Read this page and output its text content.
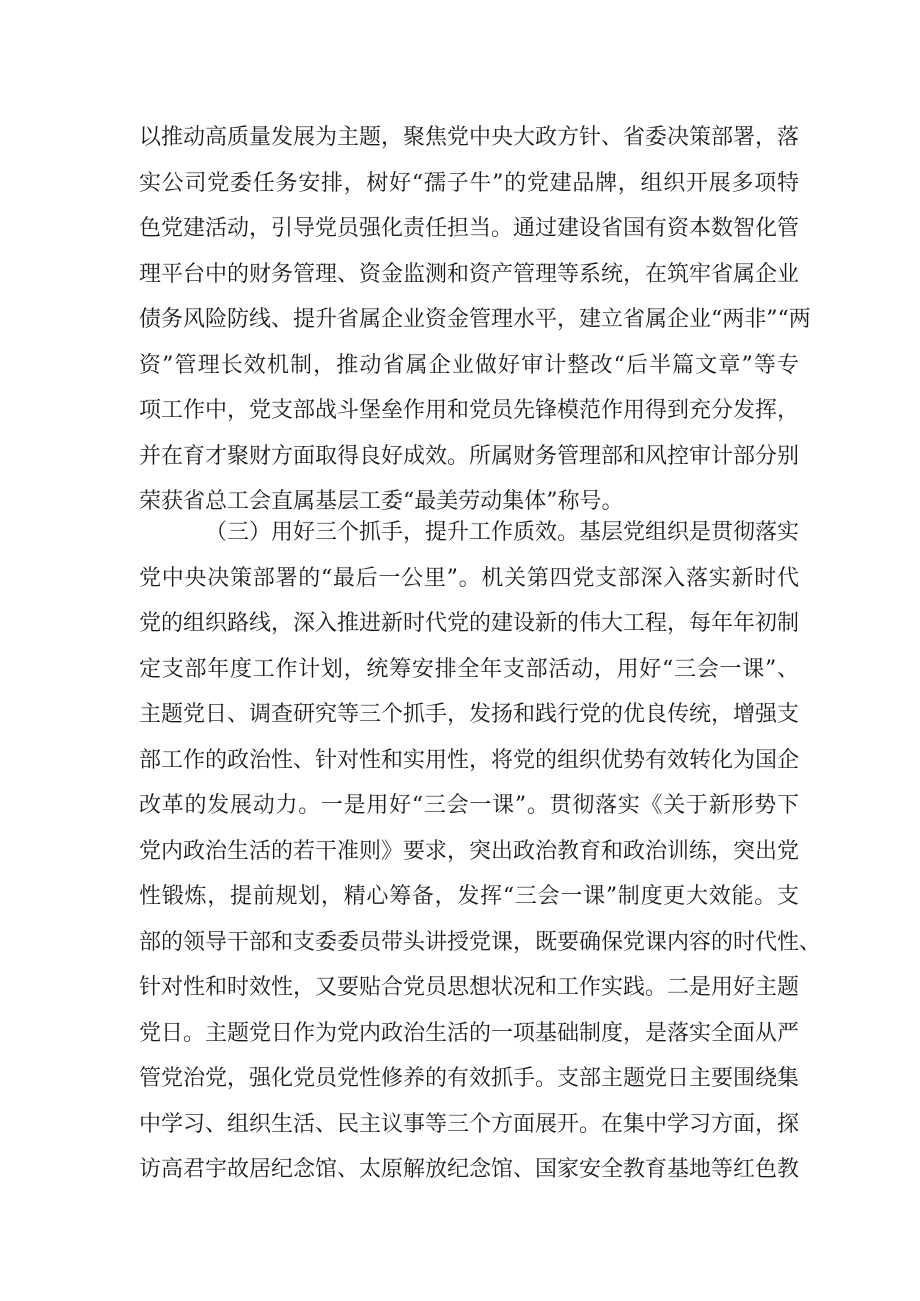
以推动高质量发展为主题，聚焦党中央大政方针、省委决策部署，落
实公司党委任务安排，树好“孺子牛”的党建品牌，组织开展多项特
色党建活动，引导党员强化责任担当。通过建设省国有资本数智化管
理平台中的财务管理、资金监测和资产管理等系统，在筑牢省属企业
债务风险防线、提升省属企业资金管理水平，建立省属企业“两非”“两
资”管理长效机制，推动省属企业做好审计整改“后半篇文章”等专
项工作中，党支部战斗堡垒作用和党员先锋模范作用得到充分发挥，
并在育才聚财方面取得良好成效。所属财务管理部和风控审计部分别
荣获省总工会直属基层工委“最美劳动集体”称号。
（三）用好三个抓手，提升工作质效。基层党组织是贯彻落实
党中央决策部署的“最后一公里”。机关第四党支部深入落实新时代
党的组织路线，深入推进新时代党的建设新的伟大工程，每年年初制
定支部年度工作计划，统筹安排全年支部活动，用好“三会一课”、
主题党日、调查研究等三个抓手，发扬和践行党的优良传统，增强支
部工作的政治性、针对性和实用性，将党的组织优势有效转化为国企
改革的发展动力。一是用好“三会一课”。贯彻落实《关于新形势下
党内政治生活的若干准则》要求，突出政治教育和政治训练，突出党
性锻炼，提前规划，精心筹备，发挥“三会一课”制度更大效能。支
部的领导干部和支委委员带头讲授党课，既要确保党课内容的时代性、
针对性和时效性，又要贴合党员思想状况和工作实践。二是用好主题
党日。主题党日作为党内政治生活的一项基础制度，是落实全面从严
管党治党，强化党员党性修养的有效抓手。支部主题党日主要围绕集
中学习、组织生活、民主议事等三个方面展开。在集中学习方面，探
访高君宇故居纪念馆、太原解放纪念馆、国家安全教育基地等红色教
